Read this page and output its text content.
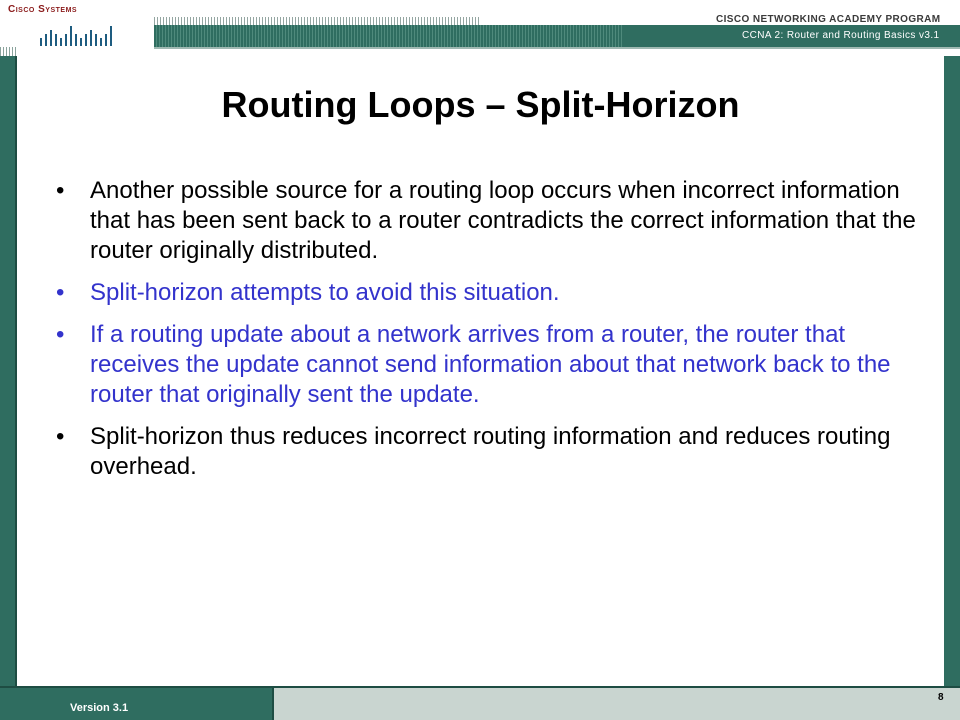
Cisco Systems
CISCO NETWORKING ACADEMY PROGRAM
CCNA 2: Router and Routing Basics v3.1
Routing Loops – Split-Horizon
• Another possible source for a routing loop occurs when incorrect information that has been sent back to a router contradicts the correct information that the router originally distributed.
• Split-horizon attempts to avoid this situation.
• If a routing update about a network arrives from a router, the router that receives the update cannot send information about that network back to the router that originally sent the update.
• Split-horizon thus reduces incorrect routing information and reduces routing overhead.
Version 3.1
8
